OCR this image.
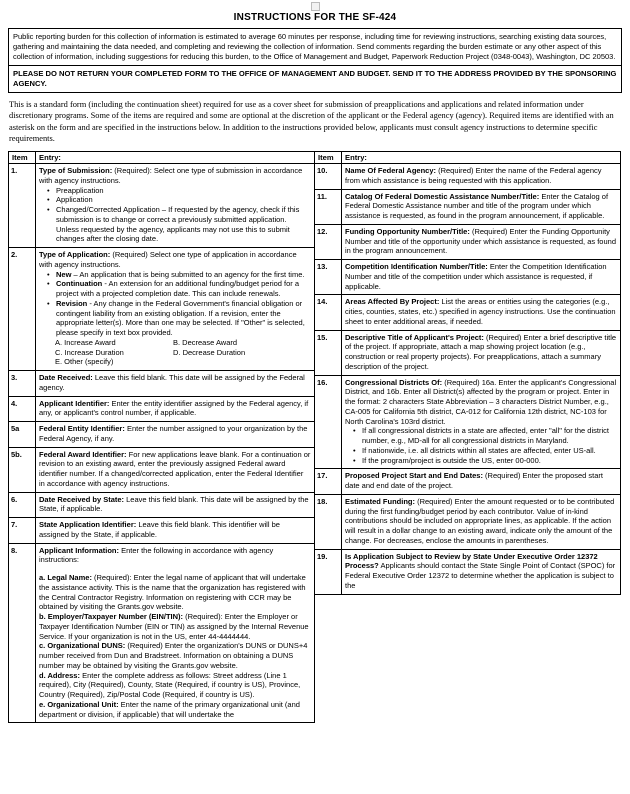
INSTRUCTIONS FOR THE SF-424

Public reporting burden for this collection of information is estimated to average 60 minutes per response, including time for reviewing instructions, searching existing data sources, gathering and maintaining the data needed, and completing and reviewing the collection of information. Send comments regarding the burden estimate or any other aspect of this collection of information, including suggestions for reducing this burden, to the Office of Management and Budget, Paperwork Reduction Project (0348-0043), Washington, DC 20503.

PLEASE DO NOT RETURN YOUR COMPLETED FORM TO THE OFFICE OF MANAGEMENT AND BUDGET. SEND IT TO THE ADDRESS PROVIDED BY THE SPONSORING AGENCY.

This is a standard form (including the continuation sheet) required for use as a cover sheet for submission of preapplications and applications and related information under discretionary programs. Some of the items are required and some are optional at the discretion of the applicant or the Federal agency (agency). Required items are identified with an asterisk on the form and are specified in the instructions below. In addition to the instructions provided below, applicants must consult agency instructions to determine specific requirements.

Item	Entry:
1.	Type of Submission: (Required): Select one type of submission in accordance with agency instructions.
• Preapplication
• Application
• Changed/Corrected Application – If requested by the agency, check if this submission is to change or correct a previously submitted application. Unless requested by the agency, applicants may not use this to submit changes after the closing date.

2.	Type of Application: (Required) Select one type of application in accordance with agency instructions.
• New – An application that is being submitted to an agency for the first time.
• Continuation - An extension for an additional funding/budget period for a project with a projected completion date. This can include renewals.
• Revision - Any change in the Federal Government's financial obligation or contingent liability from an existing obligation. If a revision, enter the appropriate letter(s). More than one may be selected. If "Other" is selected, please specify in text box provided.
A. Increase Award	B. Decrease Award
C. Increase Duration	D. Decrease Duration
E. Other (specify)

3.	Date Received: Leave this field blank. This date will be assigned by the Federal agency.

4.	Applicant Identifier: Enter the entity identifier assigned by the Federal agency, if any, or applicant's control number, if applicable.

5a	Federal Entity Identifier: Enter the number assigned to your organization by the Federal Agency, if any.

5b.	Federal Award Identifier: For new applications leave blank. For a continuation or revision to an existing award, enter the previously assigned Federal award identifier number. If a changed/corrected application, enter the Federal Identifier in accordance with agency instructions.

6.	Date Received by State: Leave this field blank. This date will be assigned by the State, if applicable.

7.	State Application Identifier: Leave this field blank. This identifier will be assigned by the State, if applicable.

8.	Applicant Information: Enter the following in accordance with agency instructions:
a. Legal Name: (Required): Enter the legal name of applicant that will undertake the assistance activity. This is the name that the organization has registered with the Central Contractor Registry. Information on registering with CCR may be obtained by visiting the Grants.gov website.
b. Employer/Taxpayer Number (EIN/TIN): (Required): Enter the Employer or Taxpayer Identification Number (EIN or TIN) as assigned by the Internal Revenue Service. If your organization is not in the US, enter 44-4444444.
c. Organizational DUNS: (Required) Enter the organization's DUNS or DUNS+4 number received from Dun and Bradstreet. Information on obtaining a DUNS number may be obtained by visiting the Grants.gov website.
d. Address: Enter the complete address as follows: Street address (Line 1 required), City (Required), County, State (Required, if country is US), Province, Country (Required), Zip/Postal Code (Required, if country is US).
e. Organizational Unit: Enter the name of the primary organizational unit (and department or division, if applicable) that will undertake the
Item	Entry:
10.	Name Of Federal Agency: (Required) Enter the name of the Federal agency from which assistance is being requested with this application.

11.	Catalog Of Federal Domestic Assistance Number/Title: Enter the Catalog of Federal Domestic Assistance number and title of the program under which assistance is requested, as found in the program announcement, if applicable.

12.	Funding Opportunity Number/Title: (Required) Enter the Funding Opportunity Number and title of the opportunity under which assistance is requested, as found in the program announcement.

13.	Competition Identification Number/Title: Enter the Competition Identification Number and title of the competition under which assistance is requested, if applicable.

14.	Areas Affected By Project: List the areas or entities using the categories (e.g., cities, counties, states, etc.) specified in agency instructions. Use the continuation sheet to enter additional areas, if needed.

15.	Descriptive Title of Applicant's Project: (Required) Enter a brief descriptive title of the project. If appropriate, attach a map showing project location (e.g., construction or real property projects). For preapplications, attach a summary description of the project.

16.	Congressional Districts Of: (Required) 16a. Enter the applicant's Congressional District, and 16b. Enter all District(s) affected by the program or project. Enter in the format: 2 characters State Abbreviation – 3 characters District Number, e.g., CA-005 for California 5th district, CA-012 for California 12th district, NC-103 for North Carolina's 103rd district.
• If all congressional districts in a state are affected, enter "all" for the district number, e.g., MD-all for all congressional districts in Maryland.
• If nationwide, i.e. all districts within all states are affected, enter US-all.
• If the program/project is outside the US, enter 00-000.

17.	Proposed Project Start and End Dates: (Required) Enter the proposed start date and end date of the project.

18.	Estimated Funding: (Required) Enter the amount requested or to be contributed during the first funding/budget period by each contributor. Value of in-kind contributions should be included on appropriate lines, as applicable. If the action will result in a dollar change to an existing award, indicate only the amount of the change. For decreases, enclose the amounts in parentheses.

19.	Is Application Subject to Review by State Under Executive Order 12372 Process? Applicants should contact the State Single Point of Contact (SPOC) for Federal Executive Order 12372 to determine whether the application is subject to the
